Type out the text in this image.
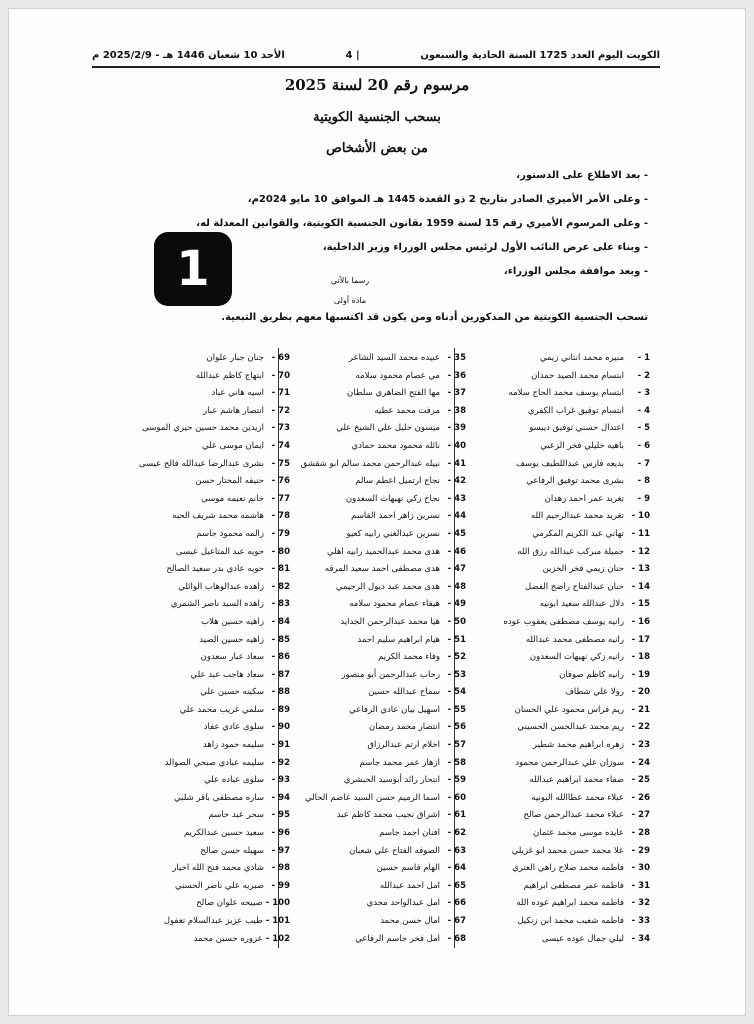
الكويت اليوم العدد 1725 السنة الحادية والسبعون
| 4
الأحد 10 شعبان 1446 هـ - 2025/2/9 م
مرسوم رقم 20 لسنة 2025
بسحب الجنسية الكويتية
من بعض الأشخاص
- بعد الاطلاع على الدستور،
- وعلى الأمر الأميري الصادر بتاريخ 2 ذو القعدة 1445 هـ الموافق 10 مايو 2024م،
- وعلى المرسوم الأميري رقم 15 لسنة 1959 بقانون الجنسية الكويتية، والقوانين المعدلة له،
- وبناء على عرض النائب الأول لرئيس مجلس الوزراء وزير الداخلية،
- وبعد موافقة مجلس الوزراء،
1	رسما بالآتي
مادة أولى
تسحب الجنسية الكويتية من المذكورين أدناه ومن يكون قد اكتسبها معهم بطريق التبعية.
1 -
منيره محمد انتاني زيمي
2 -
ابتسام محمد الصيد حمدان
3 -
ابتسام يوسف محمد الحاج سلامه
4 -
ابتسام توفيق غراب الكفري
5 -
اعتدال حسني توفيق ديبسو
6 -
باهيه خليلي فخر الزعبي
7 -
بديعه فارس عبداللطيف يوسف
8 -
بشرى محمد توفيق الرفاعي
9 -
تغريد عمر احمد زهدان
10 -
تغريد محمد عبدالرحيم الله
11 -
تهاني عبد الكريم المكرمي
12 -
جميلة مبركب عبدالله رزق الله
13 -
حنان زيمي فخر الخزين
14 -
حنان عبدالفتاح راضح الفضل
15 -
دلال عبدالله سعيد ابونيه
16 -
رانيه يوسف مصطفى يعقوب عوده
17 -
رانيه مصطفى محمد عبدالله
18 -
رانيه زكي نهيهات السعدون
19 -
رانيه كاظم صوفان
20 -
رولا علي شطاف
21 -
ريم فراس محمود علي الحسان
22 -
ريم محمد عبدالحسن الحسيني
23 -
زهره ابراهيم محمد شطير
24 -
سوزان علي عبدالرحمن محمود
25 -
صفاء محمد ابراهيم عبدالله
26 -
عبلاء محمد عطاالله البونيه
27 -
عبلاء محمد عبدالرحمن صالح
28 -
عايده موسى محمد عثمان
29 -
علا محمد حسن محمد ابو غزيلي
30 -
فاطمه محمد صلاح راهي العتري
31 -
فاطمه عمر مصطفى ابراهيم
32 -
فاطمه محمد ابراهيم عوده الله
33 -
فاطمه شعيب محمد ابن زنكيل
34 -
ليلي جمال عوده عيسى
35 -
عبيده محمد السيد الشاعر
36 -
مي عصام محمود سلامه
37 -
مها الفتح الضاهري سلطان
38 -
مرفت محمد عطيه
39 -
ميسون حليل علي الشيخ علي
40 -
نائله محمود محمد حمادي
41 -
نبيله عبدالرحمن محمد سالم ابو شقشق
42 -
نجاح ارتميل اعطم سالم
43 -
نجاح زكي نهيهات السعدون
44 -
نسرين زاهر احمد القاسم
45 -
نسرين عبدالغني رابيه كعيو
46 -
هدى محمد عبدالحميد رابيه اهلي
47 -
هدى مصطفى احمد سعيد المرقه
48 -
هدى محمد عبد ديول الرحيمي
49 -
هيفاء عصام محمود سلامه
50 -
هيا محمد عبدالرحمن الجدايد
51 -
هيام ابراهيم سليم احمد
52 -
وفاء محمد الكريم
53 -
رحاب عبدالرحمن أبو منصور
54 -
سماح عبدالله حسين
55 -
اسهيل بيان عادي الرفاعي
56 -
انتصار محمد رمضان
57 -
احلام ارتم عبدالرزاق
58 -
ازهار عمر محمد جاسم
59 -
انتحار رائد أبوسيد الحبشري
60 -
اسما الرميم حسن السيد عاصم الحالي
61 -
اشراق نجيب محمد كاظم عبد
62 -
افنان احمد جاسم
63 -
الصوفه الفتاح علي شعبان
64 -
الهام قاسم حسين
65 -
امل احمد عبدالله
66 -
امل عبدالواحد مجدي
67 -
امال حسن محمد
68 -
امل فخر جاسم الرفاعي
69 -
جنان جبار علوان
70 -
ابتهاج كاظم عبدالله
71 -
اسيه هاني عباد
72 -
انتصار هاشم عبار
73 -
ازيدين محمد حسين حيري الموسى
74 -
ايمان موسى علي
75 -
بشرى عبدالرضا عبدالله فالح عيسى
76 -
حنيفه المختار حسن
77 -
خانم نعيمه موسى
78 -
هاشمه محمد شريف الحبه
79 -
زالمه محمود جاسم
80 -
حويه عبد المتاعيل عيسى
81 -
حويه عادي بدر سعيد الصالح
82 -
زاهده عبدالوهاب الوائلي
83 -
زاهده السيد ناصر الشمري
84 -
زاهيه حسين هلاب
85 -
زاهيه حسين الصيد
86 -
سعاد عبار سعدون
87 -
سعاد هاجب عبد علي
88 -
سكينه حسين علي
89 -
سلمي غريب محمد علي
90 -
سلوى عادي عفاد
91 -
سليمه حمود زاهد
92 -
سليمه عبادي صبحي الصوالد
93 -
سلوى عباده علي
94 -
ساره مصطفى باقر شلبي
95 -
سحر عبد حاسم
96 -
سعيد حسين عبدالكريم
97 -
سهيله حسن صالح
98 -
شادي محمد فتح الله اخيار
99 -
صبريه علي ناصر الحسني
100 -
صبيحه علوان صالح
101 -
طيب عزيز عبدالسلام تغفول
102 -
عزوره حسين محمد
